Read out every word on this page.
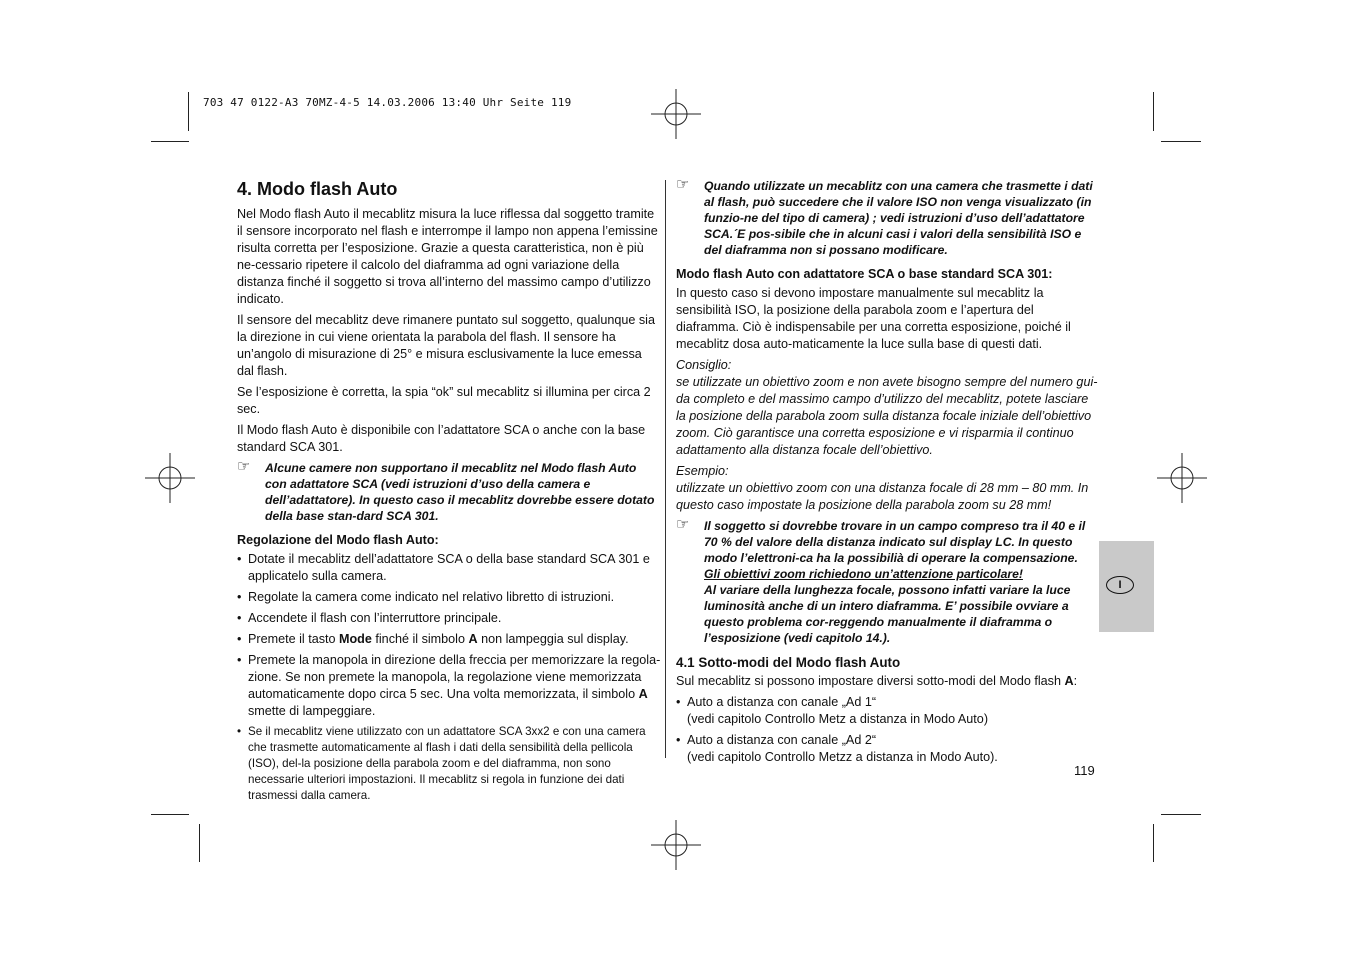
703 47 0122-A3 70MZ-4-5 14.03.2006 13:40 Uhr Seite 119

4. Modo flash Auto

Nel Modo flash Auto il mecablitz misura la luce riflessa dal soggetto tramite il sensore incorporato nel flash e interrompe il lampo non appena l’emissine risulta corretta per l’esposizione. Grazie a questa caratteristica, non è più ne-cessario ripetere il calcolo del diaframma ad ogni variazione della distanza finché il soggetto si trova all’interno del massimo campo d’utilizzo indicato.

Il sensore del mecablitz deve rimanere puntato sul soggetto, qualunque sia la direzione in cui viene orientata la parabola del flash. Il sensore ha un’angolo di misurazione di 25° e misura esclusivamente la luce emessa dal flash.

Se l’esposizione è corretta, la spia “ok” sul mecablitz si illumina per circa 2 sec.

Il Modo flash Auto è disponibile con l’adattatore SCA o anche con la base standard SCA 301.

☞ Alcune camere non supportano il mecablitz nel Modo flash Auto con adattatore SCA (vedi istruzioni d’uso della camera e dell’adattatore). In questo caso il mecablitz dovrebbe essere dotato della base stan-dard SCA 301.

Regolazione del Modo flash Auto:

• Dotate il mecablitz dell’adattatore SCA o della base standard SCA 301 e applicatelo sulla camera.
• Regolate la camera come indicato nel relativo libretto di istruzioni.
• Accendete il flash con l’interruttore principale.
• Premete il tasto Mode finché il simbolo A non lampeggia sul display.
• Premete la manopola in direzione della freccia per memorizzare la regola-zione. Se non premete la manopola, la regolazione viene memorizzata automaticamente dopo circa 5 sec. Una volta memorizzata, il simbolo A smette di lampeggiare.
• Se il mecablitz viene utilizzato con un adattatore SCA 3xx2 e con una camera che trasmette automaticamente al flash i dati della sensibilità della pellicola (ISO), del-la posizione della parabola zoom e del diaframma, non sono necessarie ulteriori impostazioni. Il mecablitz si regola in funzione dei dati trasmessi dalla camera.
☞ Quando utilizzate un mecablitz con una camera che trasmette i dati al flash, può succedere che il valore ISO non venga visualizzato (in funzio-ne del tipo di camera) ; vedi istruzioni d’uso dell’adattatore SCA.´E pos-sibile che in alcuni casi i valori della sensibilità ISO e del diaframma non si possano modificare.

Modo flash Auto con adattatore SCA o base standard SCA 301:

In questo caso si devono impostare manualmente sul mecablitz la sensibilità ISO, la posizione della parabola zoom e l’apertura del diaframma. Ciò è indispensabile per una corretta esposizione, poiché il mecablitz dosa auto-maticamente la luce sulla base di questi dati.

Consiglio:

se utilizzate un obiettivo zoom e non avete bisogno sempre del numero gui-da completo e del massimo campo d’utilizzo del mecablitz, potete lasciare la posizione della parabola zoom sulla distanza focale iniziale dell’obiettivo zoom. Ciò garantisce una corretta esposizione e vi risparmia il continuo adattamento alla distanza focale dell’obiettivo.

Esempio:

utilizzate un obiettivo zoom con una distanza focale di 28 mm – 80 mm. In questo caso impostate la posizione della parabola zoom su 28 mm!

☞ Il soggetto si dovrebbe trovare in un campo compreso tra il 40 e il 70 % del valore della distanza indicato sul display LC. In questo modo l’elettroni-ca ha la possibilià di operare la compensazione.
Gli obiettivi zoom richiedono un’attenzione particolare!
Al variare della lunghezza focale, possono infatti variare la luce luminosità anche di un intero diaframma. E’ possibile ovviare a questo problema cor-reggendo manualmente il diaframma o l’esposizione (vedi capitolo 14.).

4.1 Sotto-modi del Modo flash Auto

Sul mecablitz si possono impostare diversi sotto-modi del Modo flash A:

• Auto a distanza con canale „Ad 1“
(vedi capitolo Controllo Metz a distanza in Modo Auto)
• Auto a distanza con canale „Ad 2“
(vedi capitolo Controllo Metzz a distanza in Modo Auto).
I
119
